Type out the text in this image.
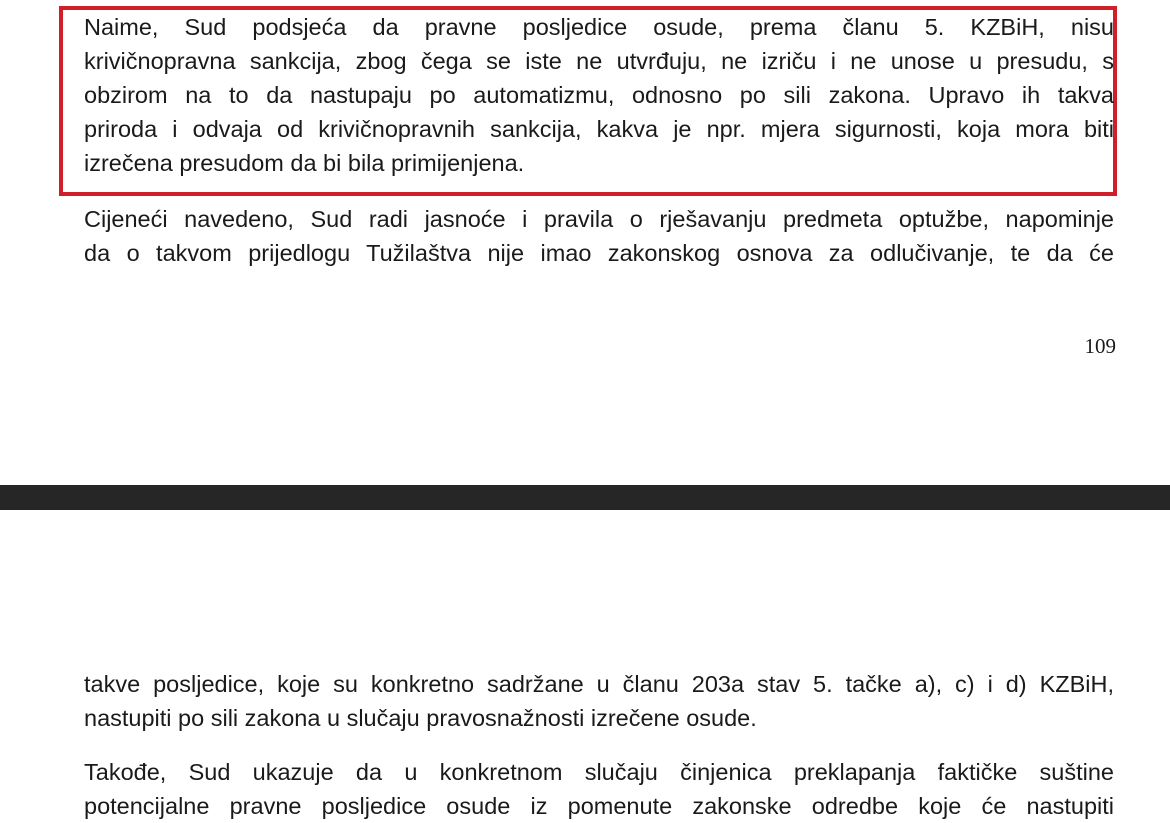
Naime, Sud podsjeća da pravne posljedice osude, prema članu 5. KZBiH, nisu
krivičnopravna sankcija, zbog čega se iste ne utvrđuju, ne izriču i ne unose u presudu, s
obzirom na to da nastupaju po automatizmu, odnosno po sili zakona. Upravo ih takva
priroda i odvaja od krivičnopravnih sankcija, kakva je npr. mjera sigurnosti, koja mora biti
izrečena presudom da bi bila primijenjena.
Cijeneći navedeno, Sud radi jasnoće i pravila o rješavanju predmeta optužbe, napominje
da o takvom prijedlogu Tužilaštva nije imao zakonskog osnova za odlučivanje, te da će
109
takve posljedice, koje su konkretno sadržane u članu 203a stav 5. tačke a), c) i d) KZBiH,
nastupiti po sili zakona u slučaju pravosnažnosti izrečene osude.
Takođe, Sud ukazuje da u konkretnom slučaju činjenica preklapanja faktičke suštine
potencijalne pravne posljedice osude iz pomenute zakonske odredbe koje će nastupiti
